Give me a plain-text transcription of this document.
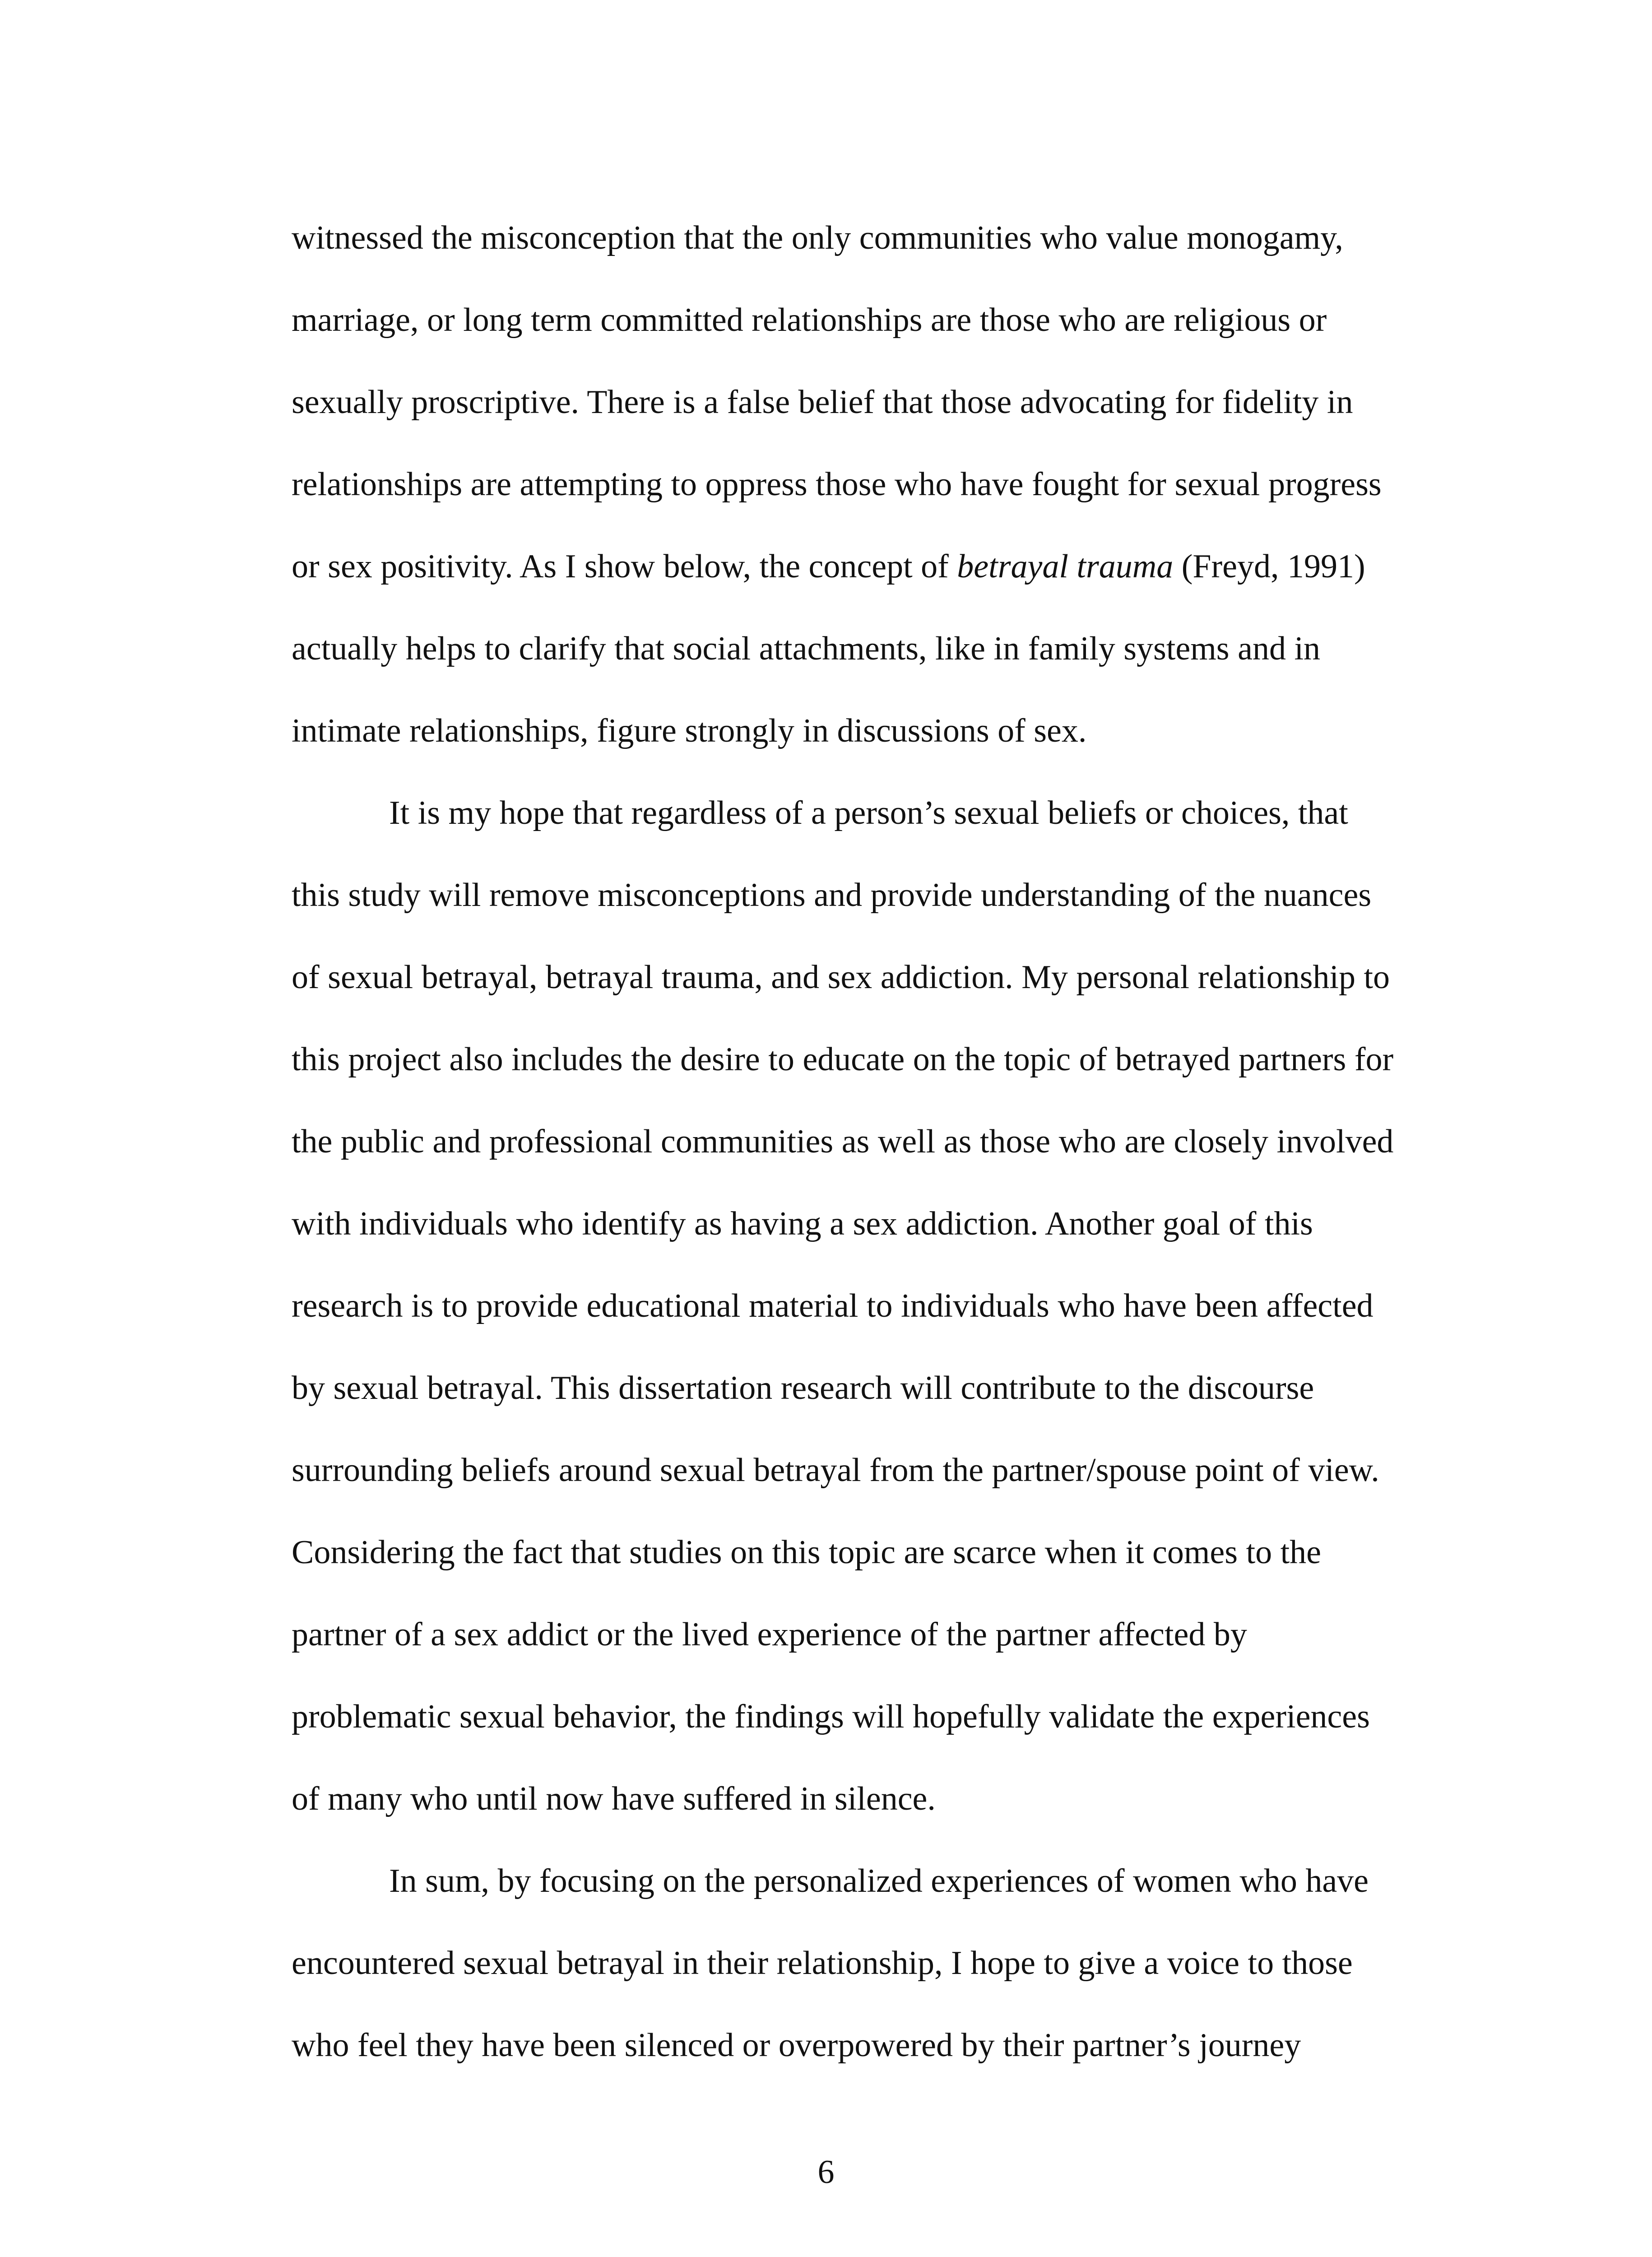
witnessed the misconception that the only communities who value monogamy,
marriage, or long term committed relationships are those who are religious or
sexually proscriptive. There is a false belief that those advocating for fidelity in
relationships are attempting to oppress those who have fought for sexual progress
or sex positivity. As I show below, the concept of betrayal trauma (Freyd, 1991)
actually helps to clarify that social attachments, like in family systems and in
intimate relationships, figure strongly in discussions of sex.
It is my hope that regardless of a person’s sexual beliefs or choices, that
this study will remove misconceptions and provide understanding of the nuances
of sexual betrayal, betrayal trauma, and sex addiction. My personal relationship to
this project also includes the desire to educate on the topic of betrayed partners for
the public and professional communities as well as those who are closely involved
with individuals who identify as having a sex addiction. Another goal of this
research is to provide educational material to individuals who have been affected
by sexual betrayal. This dissertation research will contribute to the discourse
surrounding beliefs around sexual betrayal from the partner/spouse point of view.
Considering the fact that studies on this topic are scarce when it comes to the
partner of a sex addict or the lived experience of the partner affected by
problematic sexual behavior, the findings will hopefully validate the experiences
of many who until now have suffered in silence.
In sum, by focusing on the personalized experiences of women who have
encountered sexual betrayal in their relationship, I hope to give a voice to those
who feel they have been silenced or overpowered by their partner’s journey
6
